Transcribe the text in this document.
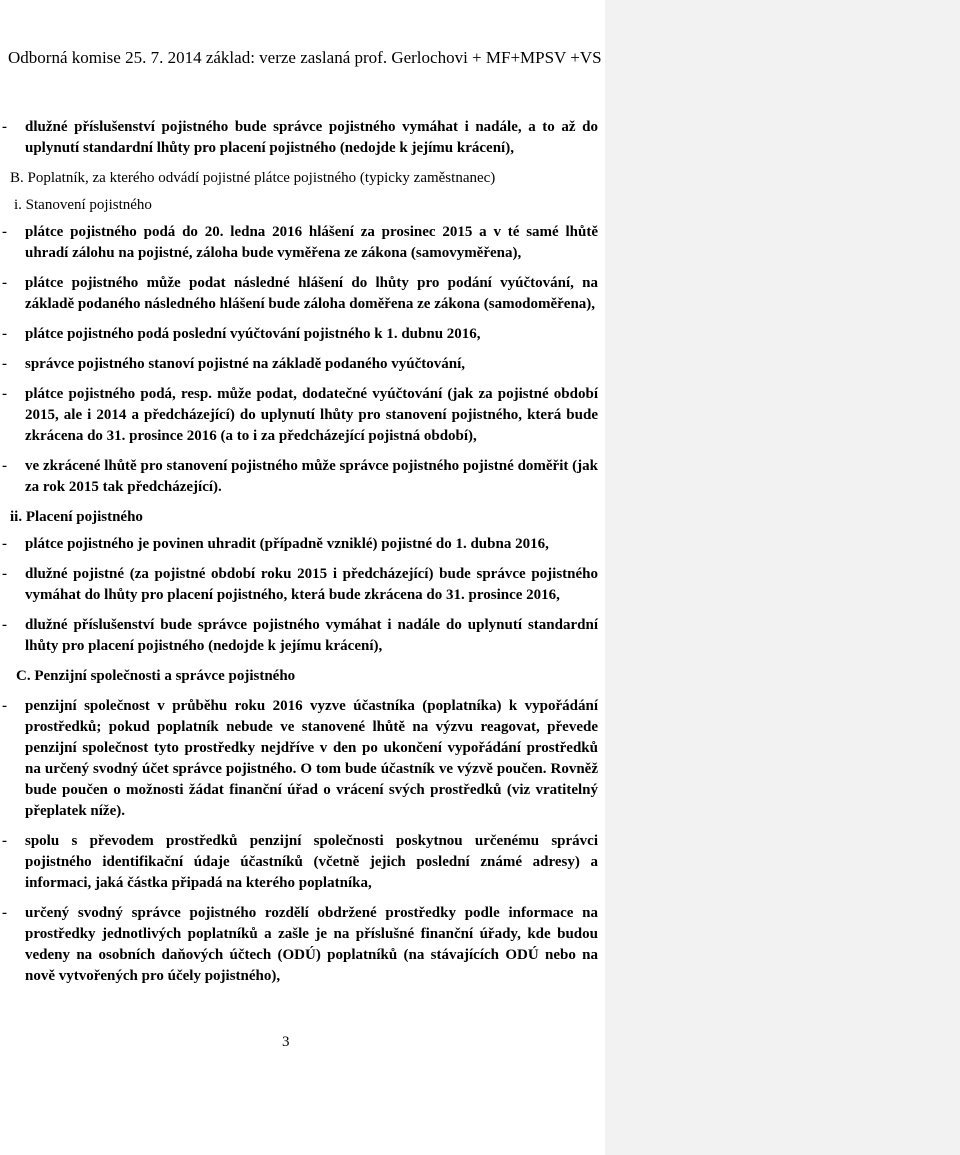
Odborná komise 25. 7. 2014 základ: verze zaslaná prof. Gerlochovi + MF+MPSV +VS
- dlužné příslušenství pojistného bude správce pojistného vymáhat i nadále, a to až do uplynutí standardní lhůty pro placení pojistného (nedojde k jejímu krácení),
B. Poplatník, za kterého odvádí pojistné plátce pojistného (typicky zaměstnanec)
i. Stanovení pojistného
- plátce pojistného podá do 20. ledna 2016 hlášení za prosinec 2015 a v té samé lhůtě uhradí zálohu na pojistné, záloha bude vyměřena ze zákona (samovyměřena),
- plátce pojistného může podat následné hlášení do lhůty pro podání vyúčtování, na základě podaného následného hlášení bude záloha doměřena ze zákona (samodoměřena),
- plátce pojistného podá poslední vyúčtování pojistného k 1. dubnu 2016,
- správce pojistného stanoví pojistné na základě podaného vyúčtování,
- plátce pojistného podá, resp. může podat, dodatečné vyúčtování (jak za pojistné období 2015, ale i 2014 a předcházející) do uplynutí lhůty pro stanovení pojistného, která bude zkrácena do 31. prosince 2016 (a to i za předcházející pojistná období),
- ve zkrácené lhůtě pro stanovení pojistného může správce pojistného pojistné doměřit (jak za rok 2015 tak předcházející).
ii. Placení pojistného
- plátce pojistného je povinen uhradit (případně vzniklé) pojistné do 1. dubna 2016,
- dlužné pojistné (za pojistné období roku 2015 i předcházející) bude správce pojistného vymáhat do lhůty pro placení pojistného, která bude zkrácena do 31. prosince 2016,
- dlužné příslušenství bude správce pojistného vymáhat i nadále do uplynutí standardní lhůty pro placení pojistného (nedojde k jejímu krácení),
C. Penzijní společnosti a správce pojistného
- penzijní společnost v průběhu roku 2016 vyzve účastníka (poplatníka) k vypořádání prostředků; pokud poplatník nebude ve stanovené lhůtě na výzvu reagovat, převede penzijní společnost tyto prostředky nejdříve v den po ukončení vypořádání prostředků na určený svodný účet správce pojistného. O tom bude účastník ve výzvě poučen. Rovněž bude poučen o možnosti žádat finanční úřad o vrácení svých prostředků (viz vratitelný přeplatek níže).
- spolu s převodem prostředků penzijní společnosti poskytnou určenému správci pojistného identifikační údaje účastníků (včetně jejich poslední známé adresy) a informaci, jaká částka připadá na kterého poplatníka,
- určený svodný správce pojistného rozdělí obdržené prostředky podle informace na prostředky jednotlivých poplatníků a zašle je na příslušné finanční úřady, kde budou vedeny na osobních daňových účtech (ODÚ) poplatníků (na stávajících ODÚ nebo na nově vytvořených pro účely pojistného),
3
